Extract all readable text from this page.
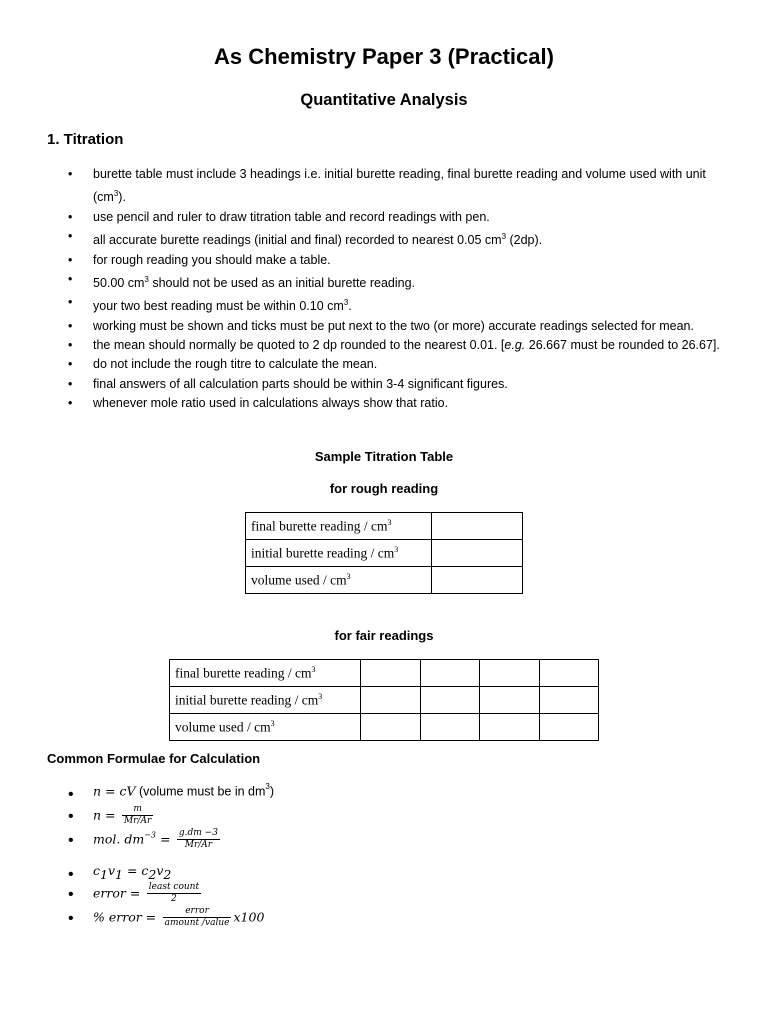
As Chemistry Paper 3 (Practical)
Quantitative Analysis
1. Titration
• burette table must include 3 headings i.e. initial burette reading, final burette reading and volume used with unit $(cm^3)$.
• use pencil and ruler to draw titration table and record readings with pen.
• all accurate burette readings (initial and final) recorded to nearest 0.05 $cm^3$ (2dp).
• for rough reading you should make a table.
• 50.00 $cm^3$ should not be used as an initial burette reading.
• your two best reading must be within 0.10 $cm^3$.
• working must be shown and ticks must be put next to the two (or more) accurate readings selected for mean.
• the mean should normally be quoted to 2 dp rounded to the nearest 0.01. [e.g. 26.667 must be rounded to 26.67].
• do not include the rough titre to calculate the mean.
• final answers of all calculation parts should be within 3-4 significant figures.
• whenever mole ratio used in calculations always show that ratio.
Sample Titration Table
for rough reading
final burette reading / $cm^3$	
initial burette reading / $cm^3$	
volume used / $cm^3$	
for fair readings
final burette reading / $cm^3$				
initial burette reading / $cm^3$				
volume used / $cm^3$				
Common Formulae for Calculation
• n = cV (volume must be in $dm^3$)
• $n = \frac{m}{Mr/Ar}$
• mol. $dm^{-3} = \frac{g.dm -3}{Mr/Ar}$
• $c_1v_1 = c_2v_2$
• error = $\frac{\text{least count}}{2}$
• % error = $\frac{\text{error}}{\text{amount /value}} x100$
